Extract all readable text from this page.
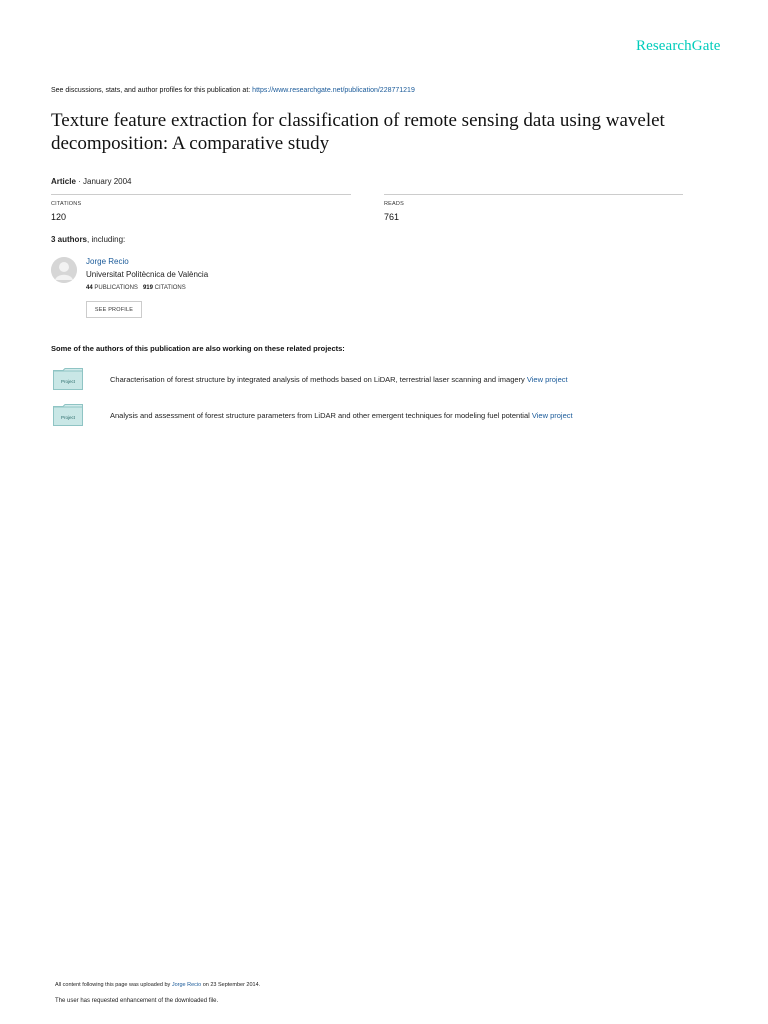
ResearchGate
See discussions, stats, and author profiles for this publication at: https://www.researchgate.net/publication/228771219
Texture feature extraction for classification of remote sensing data using wavelet decomposition: A comparative study
Article · January 2004
CITATIONS
120
READS
761
3 authors, including:
Jorge Recio
Universitat Politècnica de València
44 PUBLICATIONS 919 CITATIONS
SEE PROFILE
Some of the authors of this publication are also working on these related projects:
Project	Characterisation of forest structure by integrated analysis of methods based on LiDAR, terrestrial laser scanning and imagery View project
Project	Analysis and assessment of forest structure parameters from LiDAR and other emergent techniques for modeling fuel potential View project
All content following this page was uploaded by Jorge Recio on 23 September 2014.
The user has requested enhancement of the downloaded file.
